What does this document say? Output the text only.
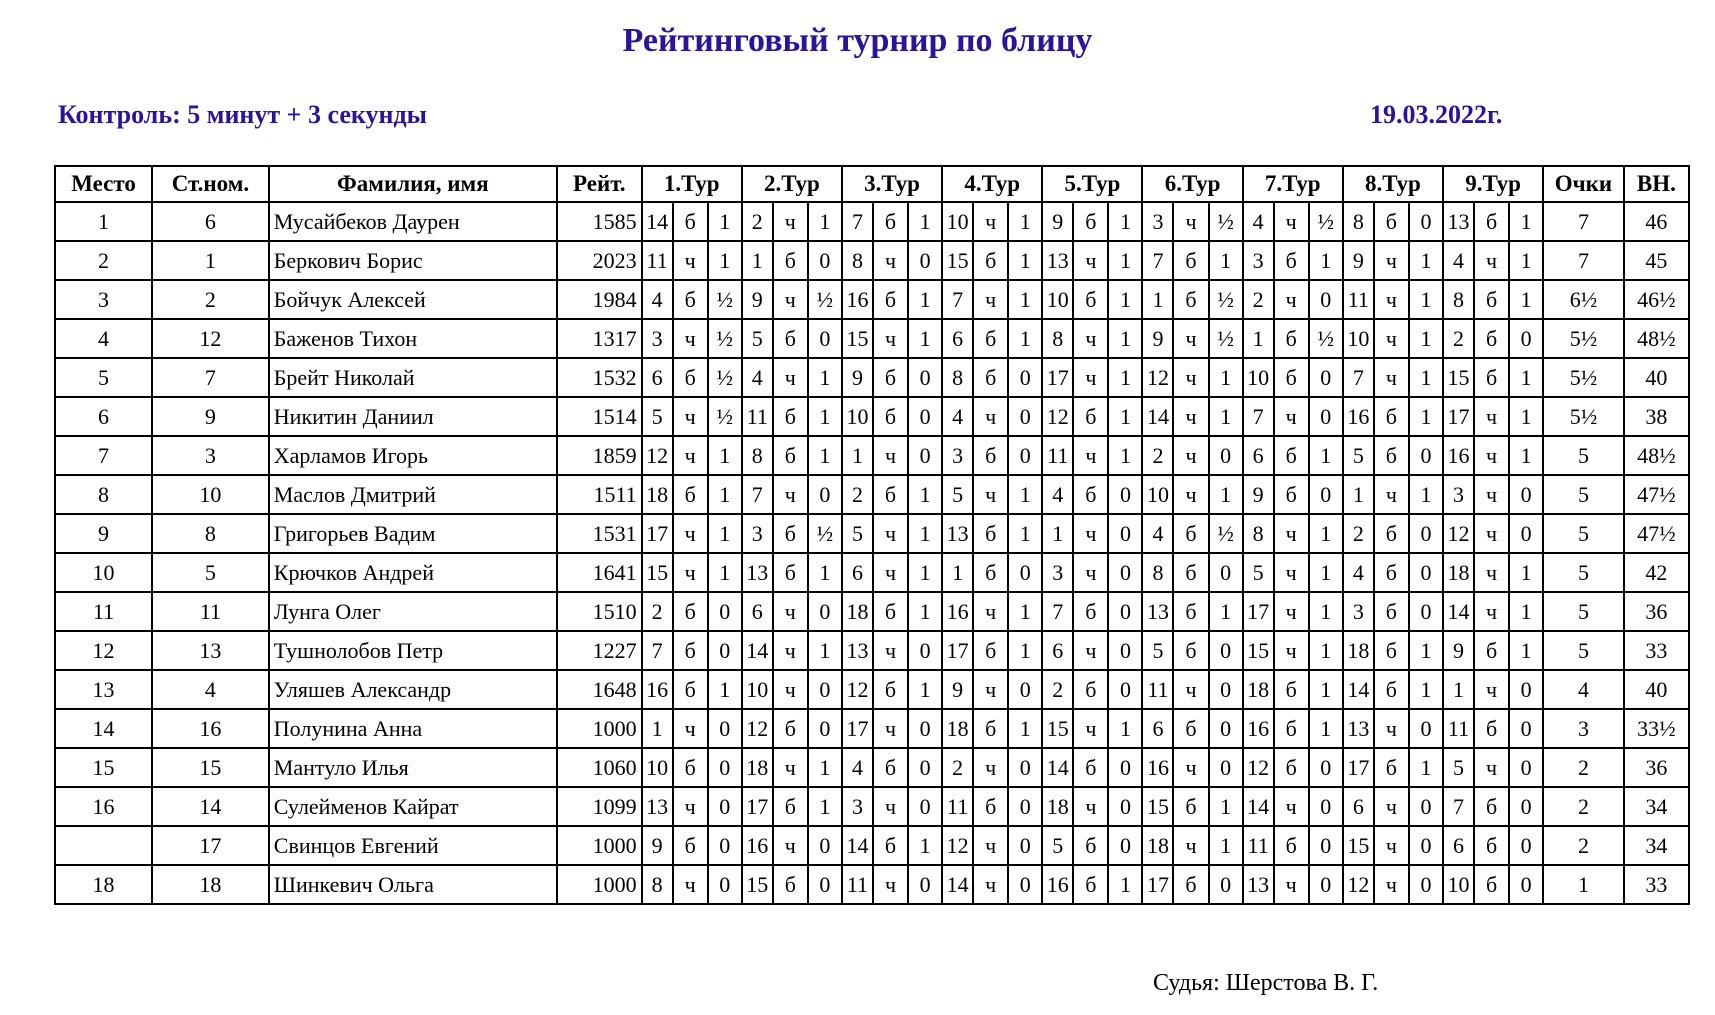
Рейтинговый турнир по блицу
Контроль: 5 минут + 3 секунды	19.03.2022г.
Место	Ст.ном.	Фамилия, имя	Рейт.	1.Тур			2.Тур			3.Тур			4.Тур			5.Тур			6.Тур			7.Тур			8.Тур			9.Тур			Очки	ВН.
1	6	Мусайбеков Даурен	1585	14	б	1	2	ч	1	7	б	1	10	ч	1	9	б	1	3	ч	½	4	ч	½	8	б	0	13	б	1	7	46
2	1	Беркович Борис	2023	11	ч	1	1	б	0	8	ч	0	15	б	1	13	ч	1	7	б	1	3	б	1	9	ч	1	4	ч	1	7	45
3	2	Бойчук Алексей	1984	4	б	½	9	ч	½	16	б	1	7	ч	1	10	б	1	1	б	½	2	ч	0	11	ч	1	8	б	1	6½	46½
4	12	Баженов Тихон	1317	3	ч	½	5	б	0	15	ч	1	6	б	1	8	ч	1	9	ч	½	1	б	½	10	ч	1	2	б	0	5½	48½
5	7	Брейт Николай	1532	6	б	½	4	ч	1	9	б	0	8	б	0	17	ч	1	12	ч	1	10	б	0	7	ч	1	15	б	1	5½	40
6	9	Никитин Даниил	1514	5	ч	½	11	б	1	10	б	0	4	ч	0	12	б	1	14	ч	1	7	ч	0	16	б	1	17	ч	1	5½	38
7	3	Харламов Игорь	1859	12	ч	1	8	б	1	1	ч	0	3	б	0	11	ч	1	2	ч	0	6	б	1	5	б	0	16	ч	1	5	48½
8	10	Маслов Дмитрий	1511	18	б	1	7	ч	0	2	б	1	5	ч	1	4	б	0	10	ч	1	9	б	0	1	ч	1	3	ч	0	5	47½
9	8	Григорьев Вадим	1531	17	ч	1	3	б	½	5	ч	1	13	б	1	1	ч	0	4	б	½	8	ч	1	2	б	0	12	ч	0	5	47½
10	5	Крючков Андрей	1641	15	ч	1	13	б	1	6	ч	1	1	б	0	3	ч	0	8	б	0	5	ч	1	4	б	0	18	ч	1	5	42
11	11	Лунга Олег	1510	2	б	0	6	ч	0	18	б	1	16	ч	1	7	б	0	13	б	1	17	ч	1	3	б	0	14	ч	1	5	36
12	13	Тушнолобов Петр	1227	7	б	0	14	ч	1	13	ч	0	17	б	1	6	ч	0	5	б	0	15	ч	1	18	б	1	9	б	1	5	33
13	4	Уляшев Александр	1648	16	б	1	10	ч	0	12	б	1	9	ч	0	2	б	0	11	ч	0	18	б	1	14	б	1	1	ч	0	4	40
14	16	Полунина Анна	1000	1	ч	0	12	б	0	17	ч	0	18	б	1	15	ч	1	6	б	0	16	б	1	13	ч	0	11	б	0	3	33½
15	15	Мантуло Илья	1060	10	б	0	18	ч	1	4	б	0	2	ч	0	14	б	0	16	ч	0	12	б	0	17	б	1	5	ч	0	2	36
16	14	Сулейменов Кайрат	1099	13	ч	0	17	б	1	3	ч	0	11	б	0	18	ч	0	15	б	1	14	ч	0	6	ч	0	7	б	0	2	34
	17	Свинцов Евгений	1000	9	б	0	16	ч	0	14	б	1	12	ч	0	5	б	0	18	ч	1	11	б	0	15	ч	0	6	б	0	2	34
18	18	Шинкевич Ольга	1000	8	ч	0	15	б	0	11	ч	0	14	ч	0	16	б	1	17	б	0	13	ч	0	12	ч	0	10	б	0	1	33
Судья: Шерстова В. Г.
